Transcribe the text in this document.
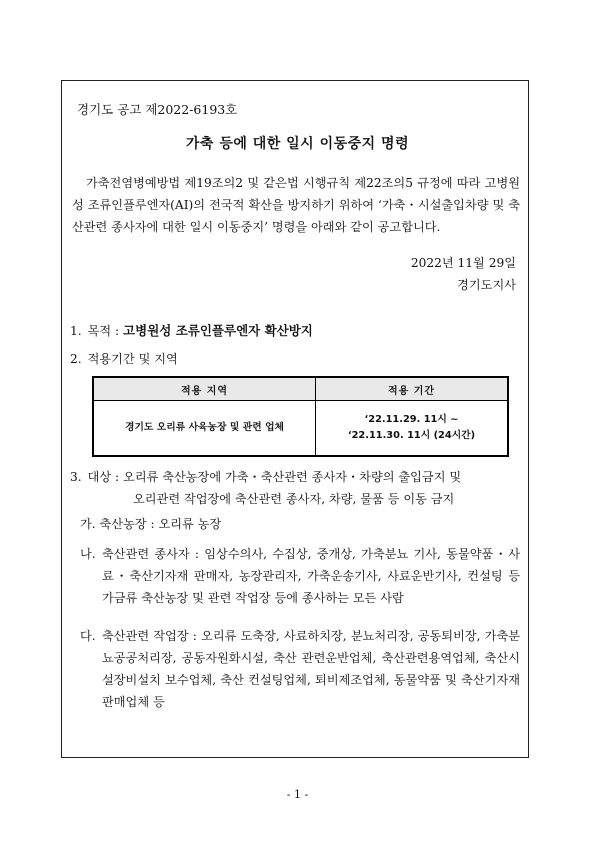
경기도 공고 제2022-6193호
가축 등에 대한 일시 이동중지 명령

가축전염병예방법 제19조의2 및 같은법 시행규칙 제22조의5 규정에 따라 고병원성 조류인플루엔자(AI)의 전국적 확산을 방지하기 위하여 ‘가축・시설출입차량 및 축산관련 종사자에 대한 일시 이동중지’ 명령을 아래와 같이 공고합니다.

2022년 11월 29일
경기도지사
1. 목적 : 고병원성 조류인플루엔자 확산방지
2. 적용기간 및 지역
적용 지역	적용 기간
경기도 오리류 사육농장 및 관련 업체	‘22.11.29. 11시 ~
‘22.11.30. 11시 (24시간)
3. 대상 : 오리류 축산농장에 가축・축산관련 종사자・차량의 출입금지 및
오리관련 작업장에 축산관련 종사자, 차량, 물품 등 이동 금지
가. 축산농장 : 오리류 농장
나. 축산관련 종사자 : 임상수의사, 수집상, 중개상, 가축분뇨 기사, 동물약품・사료・축산기자재 판매자, 농장관리자, 가축운송기사, 사료운반기사, 컨설팅 등 가금류 축산농장 및 관련 작업장 등에 종사하는 모든 사람
다. 축산관련 작업장 : 오리류 도축장, 사료하치장, 분뇨처리장, 공동퇴비장, 가축분뇨공공처리장, 공동자원화시설, 축산 관련운반업체, 축산관련용역업체, 축산시설장비설치 보수업체, 축산 컨설팅업체, 퇴비제조업체, 동물약품 및 축산기자재 판매업체 등
- 1 -
